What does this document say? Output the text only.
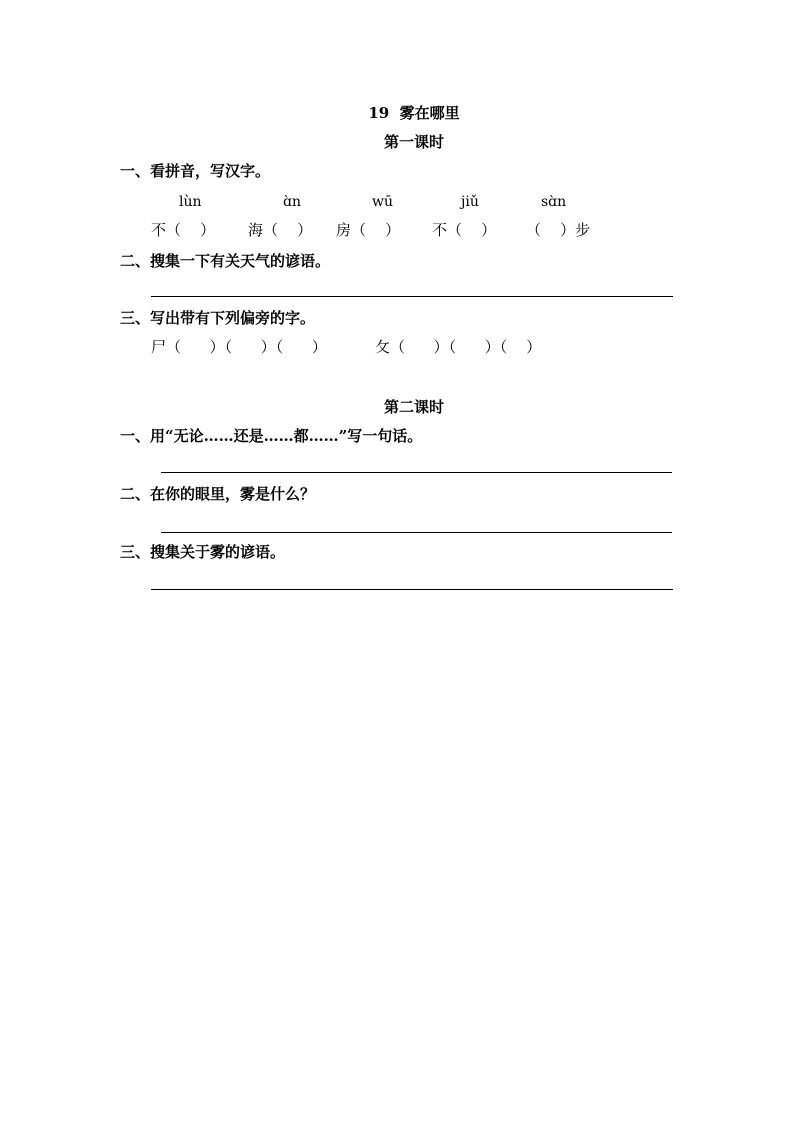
19  雾在哪里
第一课时
一、看拼音，写汉字。
lùn	ɑ̀n	wū	jiǔ	sɑ̀n
不（    ） 海（    ） 房（    ） 不（    ） （    ）步
二、搜集一下有关天气的谚语。
三、写出带有下列偏旁的字。
尸（      ）（      ）（      ）	攵（      ）（      ）（    ）
第二课时
一、用“无论……还是……都……”写一句话。
二、在你的眼里，雾是什么？
三、搜集关于雾的谚语。
